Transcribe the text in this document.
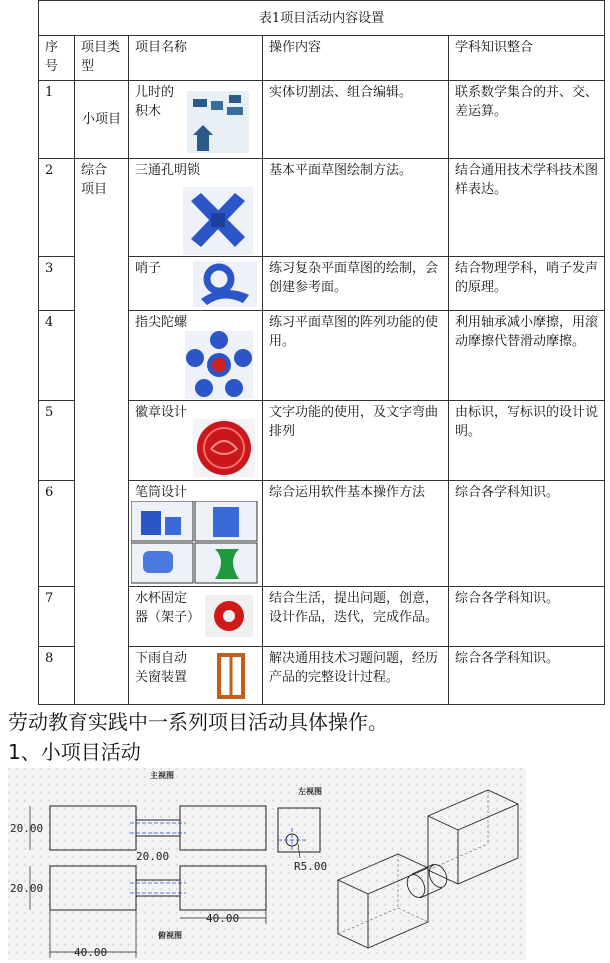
表1项目活动内容设置				
序号	项目类型	项目名称	操作内容	学科知识整合
1	小项目	儿时的积木	实体切割法、组合编辑。	联系数学集合的并、交、差运算。
2	综合项目	三通孔明锁	基本平面草图绘制方法。	结合通用技术学科技术图样表达。
3		哨子	练习复杂平面草图的绘制，会创建参考面。	结合物理学科，哨子发声的原理。
4		指尖陀螺	练习平面草图的阵列功能的使用。	利用轴承减小摩擦，用滚动摩擦代替滑动摩擦。
5		徽章设计	文字功能的使用，及文字弯曲排列	由标识，写标识的设计说明。
6		笔筒设计	综合运用软件基本操作方法	综合各学科知识。
7		水杯固定器（架子）	结合生活，提出问题，创意，设计作品，迭代，完成作品。	综合各学科知识。
8		下雨自动关窗装置	解决通用技术习题问题，经历产品的完整设计过程。	综合各学科知识。
劳动教育实践中一系列项目活动具体操作。
1、小项目活动
主视图
左视图
俯视图
20.00
20.00
20.00
R5.00
40.00
40.00
